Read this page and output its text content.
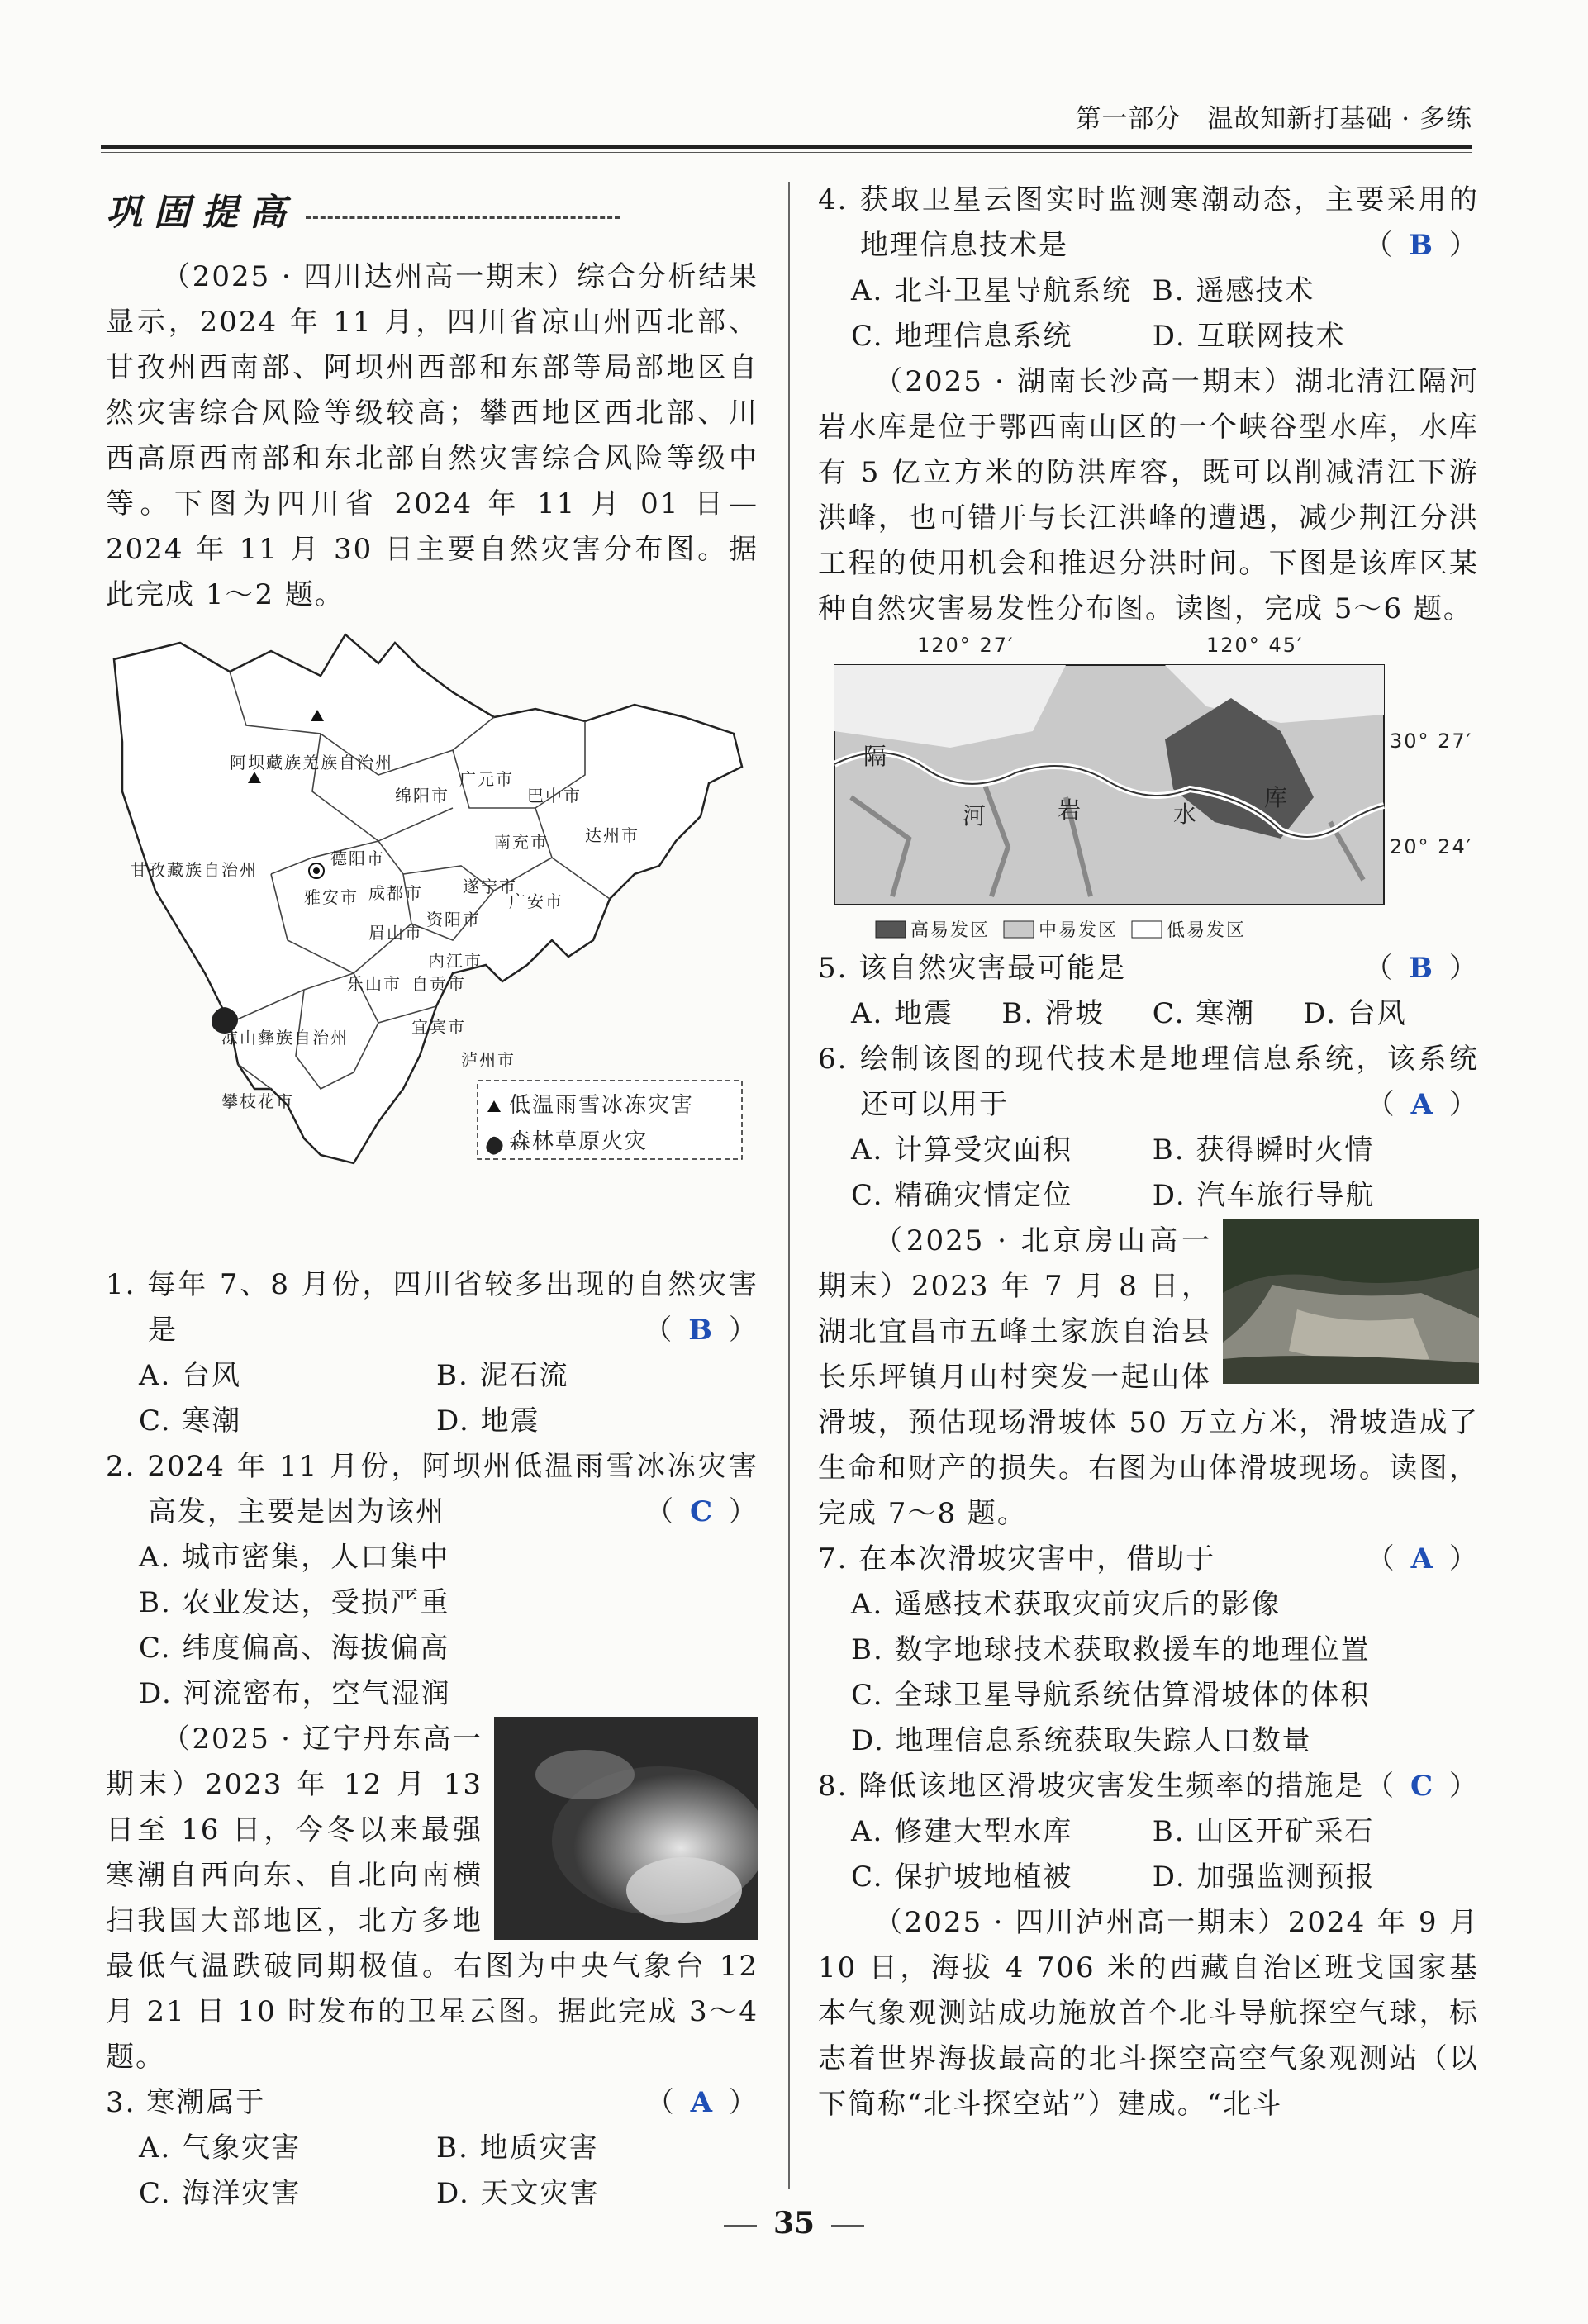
第一部分　温故知新打基础 · 多练
巩固提高

（2025 · 四川达州高一期末）综合分析结果显示，2024 年 11 月，四川省凉山州西北部、甘孜州西南部、阿坝州西部和东部等局部地区自然灾害综合风险等级较高；攀西地区西北部、川西高原西南部和东北部自然灾害综合风险等级中等。下图为四川省 2024 年 11 月 01 日—2024 年 11 月 30 日主要自然灾害分布图。据此完成 1～2 题。

阿坝藏族羌族自治州
甘孜藏族自治州
凉山彝族自治州
攀枝花市
广元市
巴中市
绵阳市
达州市
南充市
德阳市
遂宁市
成都市	广安市
雅安市
资阳市
眉山市
内江市
乐山市 自贡市
宜宾市
泸州市
低温雨雪冰冻灾害
森林草原火灾

1. 每年 7、8 月份，四川省较多出现的自然灾害是	（ B ）

A. 台风	B. 泥石流
C. 寒潮	D. 地震

2. 2024 年 11 月份，阿坝州低温雨雪冰冻灾害高发，主要是因为该州	（ C ）

A. 城市密集，人口集中
B. 农业发达，受损严重
C. 纬度偏高、海拔偏高
D. 河流密布，空气湿润

（2025 · 辽宁丹东高一期末）2023 年 12 月 13 日至 16 日，今冬以来最强寒潮自西向东、自北向南横扫我国大部地区，北方多地最低气温跌破同期极值。右图为中央气象台 12 月 21 日 10 时发布的卫星云图。据此完成 3～4 题。

3. 寒潮属于	（ A ）

A. 气象灾害	B. 地质灾害
C. 海洋灾害	D. 天文灾害

4. 获取卫星云图实时监测寒潮动态，主要采用的地理信息技术是	（ B ）

A. 北斗卫星导航系统 B. 遥感技术
C. 地理信息系统	D. 互联网技术

（2025 · 湖南长沙高一期末）湖北清江隔河岩水库是位于鄂西南山区的一个峡谷型水库，水库有 5 亿立方米的防洪库容，既可以削减清江下游洪峰，也可错开与长江洪峰的遭遇，减少荆江分洪工程的使用机会和推迟分洪时间。下图是该库区某种自然灾害易发性分布图。读图，完成 5～6 题。

120° 27′	120° 45′
隔
河	岩	水
库
30° 27′
20° 24′
高易发区	中易发区	低易发区

5. 该自然灾害最可能是	（ B ）

A. 地震	B. 滑坡	C. 寒潮	D. 台风

6. 绘制该图的现代技术是地理信息系统，该系统还可以用于	（ A ）

A. 计算受灾面积	B. 获得瞬时火情
C. 精确灾情定位	D. 汽车旅行导航

（2025 · 北京房山高一期末）2023 年 7 月 8 日，湖北宜昌市五峰土家族自治县长乐坪镇月山村突发一起山体滑坡，预估现场滑坡体 50 万立方米，滑坡造成了生命和财产的损失。右图为山体滑坡现场。读图，完成 7～8 题。

7. 在本次滑坡灾害中，借助于	（ A ）

A. 遥感技术获取灾前灾后的影像
B. 数字地球技术获取救援车的地理位置
C. 全球卫星导航系统估算滑坡体的体积
D. 地理信息系统获取失踪人口数量

8. 降低该地区滑坡灾害发生频率的措施是 （ C ）

A. 修建大型水库	B. 山区开矿采石
C. 保护坡地植被	D. 加强监测预报

（2025 · 四川泸州高一期末）2024 年 9 月 10 日，海拔 4 706 米的西藏自治区班戈国家基本气象观测站成功施放首个北斗导航探空气球，标志着世界海拔最高的北斗探空高空气象观测站（以下简称“北斗探空站”）建成。“北斗

35
